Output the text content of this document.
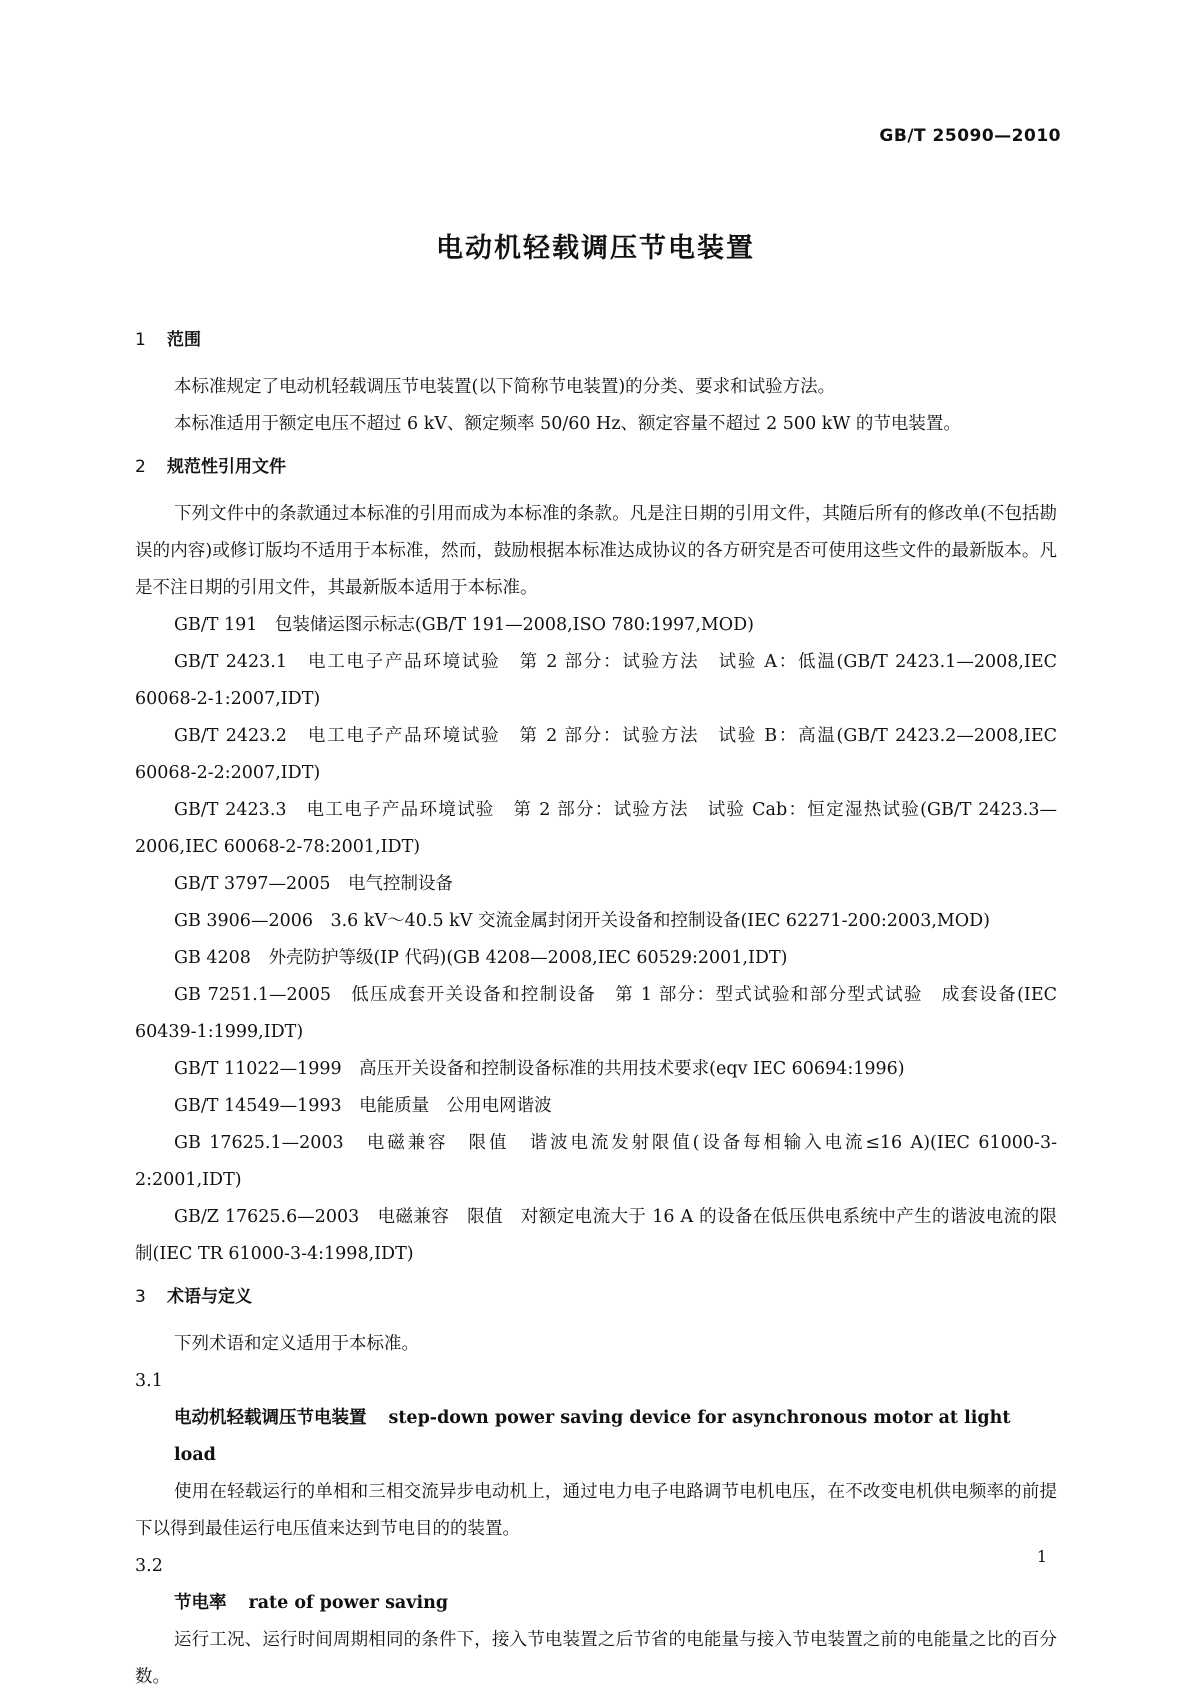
GB/T 25090—2010
电动机轻载调压节电装置
1 范围

本标准规定了电动机轻载调压节电装置(以下简称节电装置)的分类、要求和试验方法。

本标准适用于额定电压不超过 6 kV、额定频率 50/60 Hz、额定容量不超过 2 500 kW 的节电装置。

2 规范性引用文件

下列文件中的条款通过本标准的引用而成为本标准的条款。凡是注日期的引用文件，其随后所有的修改单(不包括勘误的内容)或修订版均不适用于本标准，然而，鼓励根据本标准达成协议的各方研究是否可使用这些文件的最新版本。凡是不注日期的引用文件，其最新版本适用于本标准。

GB/T 191　包装储运图示标志(GB/T 191—2008,ISO 780:1997,MOD)

GB/T 2423.1　电工电子产品环境试验　第 2 部分：试验方法　试验 A：低温(GB/T 2423.1—2008,IEC 60068-2-1:2007,IDT)

GB/T 2423.2　电工电子产品环境试验　第 2 部分：试验方法　试验 B：高温(GB/T 2423.2—2008,IEC 60068-2-2:2007,IDT)

GB/T 2423.3　电工电子产品环境试验　第 2 部分：试验方法　试验 Cab：恒定湿热试验(GB/T 2423.3—2006,IEC 60068-2-78:2001,IDT)

GB/T 3797—2005　电气控制设备

GB 3906—2006　3.6 kV～40.5 kV 交流金属封闭开关设备和控制设备(IEC 62271-200:2003,MOD)

GB 4208　外壳防护等级(IP 代码)(GB 4208—2008,IEC 60529:2001,IDT)

GB 7251.1—2005　低压成套开关设备和控制设备　第 1 部分：型式试验和部分型式试验　成套设备(IEC 60439-1:1999,IDT)

GB/T 11022—1999　高压开关设备和控制设备标准的共用技术要求(eqv IEC 60694:1996)

GB/T 14549—1993　电能质量　公用电网谐波

GB 17625.1—2003　电磁兼容　限值　谐波电流发射限值(设备每相输入电流≤16 A)(IEC 61000-3-2:2001,IDT)

GB/Z 17625.6—2003　电磁兼容　限值　对额定电流大于 16 A 的设备在低压供电系统中产生的谐波电流的限制(IEC TR 61000-3-4:1998,IDT)

3 术语与定义

下列术语和定义适用于本标准。

3.1

电动机轻载调压节电装置 step-down power saving device for asynchronous motor at light load

使用在轻载运行的单相和三相交流异步电动机上，通过电力电子电路调节电机电压，在不改变电机供电频率的前提下以得到最佳运行电压值来达到节电目的的装置。

3.2

节电率 rate of power saving

运行工况、运行时间周期相同的条件下，接入节电装置之后节省的电能量与接入节电装置之前的电能量之比的百分数。

1
